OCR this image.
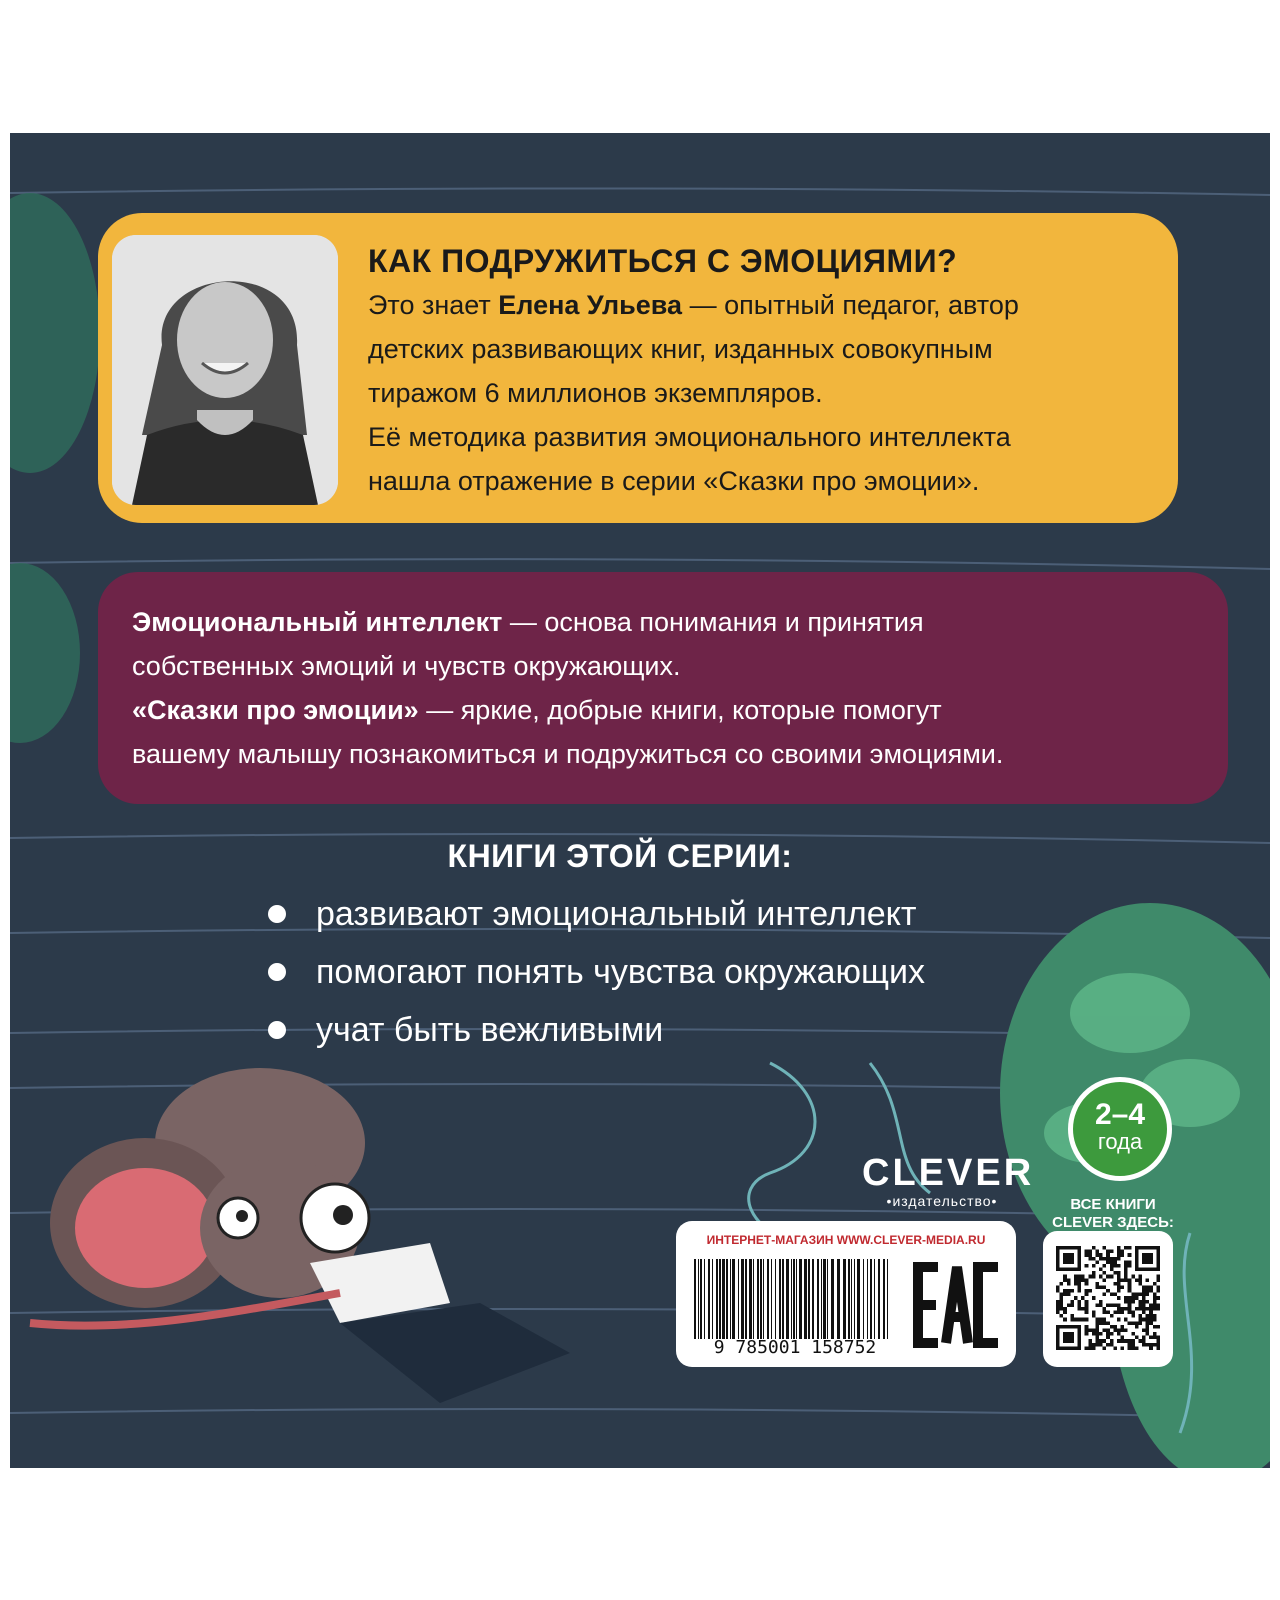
КАК ПОДРУЖИТЬСЯ С ЭМОЦИЯМИ?
Это знает Елена Ульева — опытный педагог, автор
детских развивающих книг, изданных совокупным
тиражом 6 миллионов экземпляров.
Её методика развития эмоционального интеллекта
нашла отражение в серии «Сказки про эмоции».
Эмоциональный интеллект — основа понимания и принятия
собственных эмоций и чувств окружающих.
«Сказки про эмоции» — яркие, добрые книги, которые помогут
вашему малышу познакомиться и подружиться со своими эмоциями.
КНИГИ ЭТОЙ СЕРИИ:
развивают эмоциональный интеллект
помогают понять чувства окружающих
учат быть вежливыми
2–4
года
CLEVER
•издательство•	ВСЕ КНИГИ
CLEVER ЗДЕСЬ:
ИНТЕРНЕТ-МАГАЗИН WWW.CLEVER-MEDIA.RU
9 785001 158752
